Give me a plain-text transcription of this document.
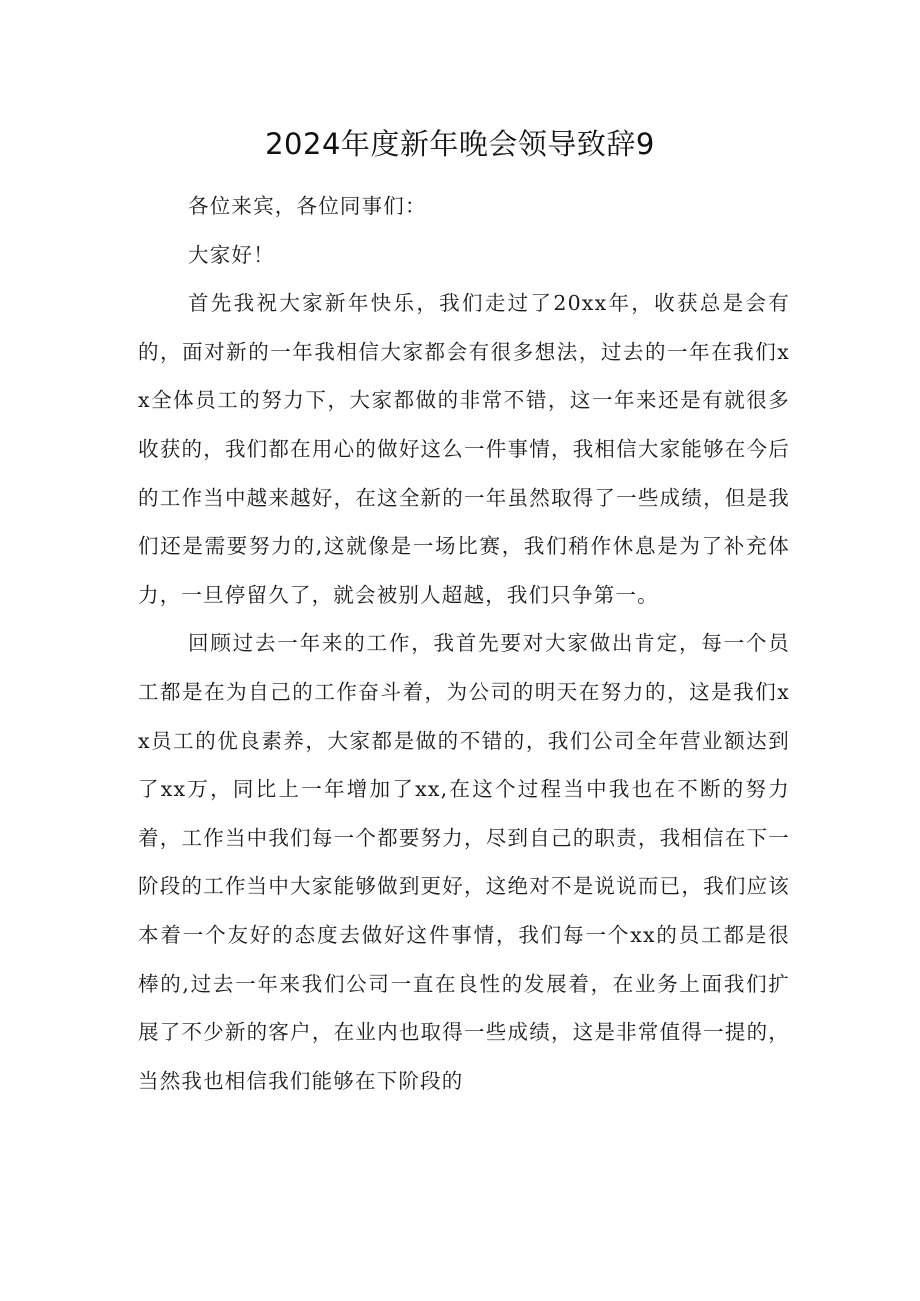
2024年度新年晚会领导致辞9

各位来宾，各位同事们：

大家好！

首先我祝大家新年快乐，我们走过了20xx年，收获总是会有的，面对新的一年我相信大家都会有很多想法，过去的一年在我们xx全体员工的努力下，大家都做的非常不错，这一年来还是有就很多收获的，我们都在用心的做好这么一件事情，我相信大家能够在今后的工作当中越来越好，在这全新的一年虽然取得了一些成绩，但是我们还是需要努力的,这就像是一场比赛，我们稍作休息是为了补充体力，一旦停留久了，就会被别人超越，我们只争第一。

回顾过去一年来的工作，我首先要对大家做出肯定，每一个员工都是在为自己的工作奋斗着，为公司的明天在努力的，这是我们xx员工的优良素养，大家都是做的不错的，我们公司全年营业额达到了xx万，同比上一年增加了xx,在这个过程当中我也在不断的努力着，工作当中我们每一个都要努力，尽到自己的职责，我相信在下一阶段的工作当中大家能够做到更好，这绝对不是说说而已，我们应该本着一个友好的态度去做好这件事情，我们每一个xx的员工都是很棒的,过去一年来我们公司一直在良性的发展着，在业务上面我们扩展了不少新的客户，在业内也取得一些成绩，这是非常值得一提的，当然我也相信我们能够在下阶段的
